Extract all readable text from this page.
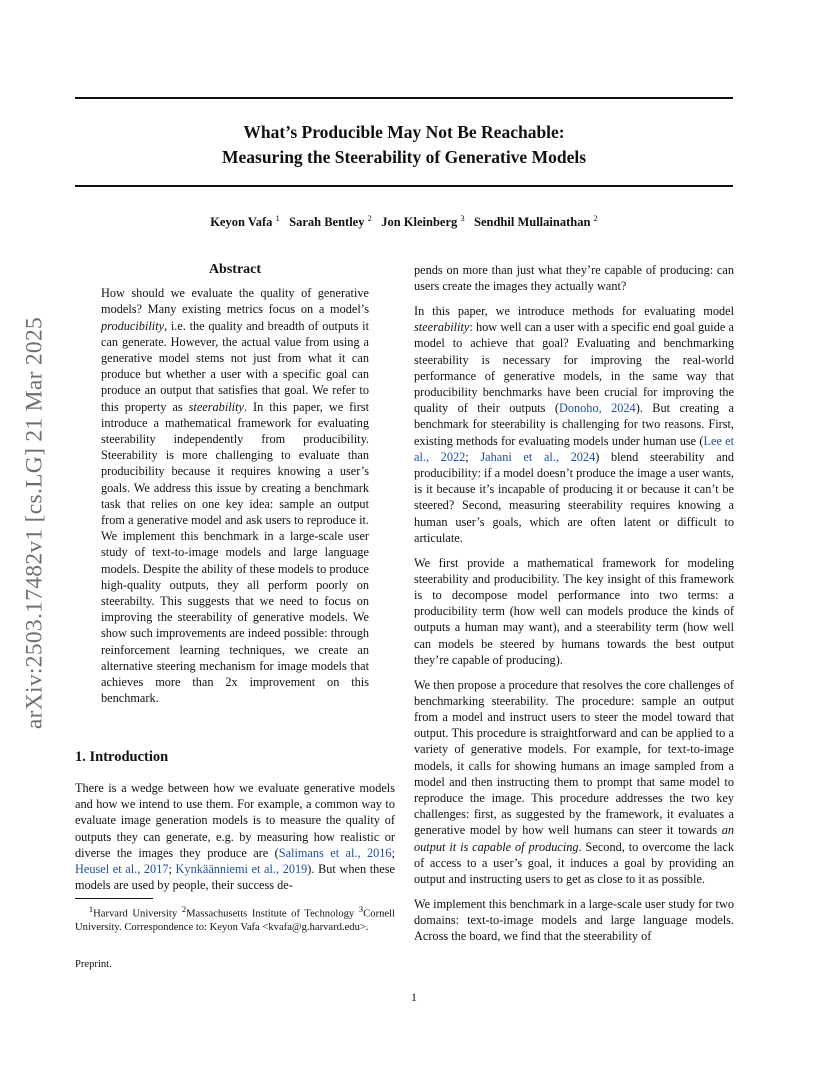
What’s Producible May Not Be Reachable:
Measuring the Steerability of Generative Models
Keyon Vafa $^1$ Sarah Bentley $^2$ Jon Kleinberg $^3$ Sendhil Mullainathan $^2$
arXiv:2503.17482v1 [cs.LG] 21 Mar 2025
Abstract
How should we evaluate the quality of generative models? Many existing metrics focus on a model’s producibility, i.e. the quality and breadth of outputs it can generate. However, the actual value from using a generative model stems not just from what it can produce but whether a user with a specific goal can produce an output that satisfies that goal. We refer to this property as steerability. In this paper, we first introduce a mathematical framework for evaluating steerability independently from producibility. Steerability is more challenging to evaluate than producibility because it requires knowing a user’s goals. We address this issue by creating a benchmark task that relies on one key idea: sample an output from a generative model and ask users to reproduce it. We implement this benchmark in a large-scale user study of text-to-image models and large language models. Despite the ability of these models to produce high-quality outputs, they all perform poorly on steerabilty. This suggests that we need to focus on improving the steerability of generative models. We show such improvements are indeed possible: through reinforcement learning techniques, we create an alternative steering mechanism for image models that achieves more than 2x improvement on this benchmark.
1. Introduction

There is a wedge between how we evaluate generative models and how we intend to use them. For example, a common way to evaluate image generation models is to measure the quality of outputs they can generate, e.g. by measuring how realistic or diverse the images they produce are (Salimans et al., 2016; Heusel et al., 2017; Kynkäänniemi et al., 2019). But when these models are used by people, their success de-

$^1$Harvard University $^2$Massachusetts Institute of Technology $^3$Cornell University. Correspondence to: Keyon Vafa <kvafa@g.harvard.edu>.
Preprint.

pends on more than just what they’re capable of producing: can users create the images they actually want?

In this paper, we introduce methods for evaluating model steerability: how well can a user with a specific end goal guide a model to achieve that goal? Evaluating and benchmarking steerability is necessary for improving the real-world performance of generative models, in the same way that producibility benchmarks have been crucial for improving the quality of their outputs (Donoho, 2024). But creating a benchmark for steerability is challenging for two reasons. First, existing methods for evaluating models under human use (Lee et al., 2022; Jahani et al., 2024) blend steerability and producibility: if a model doesn’t produce the image a user wants, is it because it’s incapable of producing it or because it can’t be steered? Second, measuring steerability requires knowing a human user’s goals, which are often latent or difficult to articulate.

We first provide a mathematical framework for modeling steerability and producibility. The key insight of this framework is to decompose model performance into two terms: a producibility term (how well can models produce the kinds of outputs a human may want), and a steerability term (how well can models be steered by humans towards the best output they’re capable of producing).

We then propose a procedure that resolves the core challenges of benchmarking steerability. The procedure: sample an output from a model and instruct users to steer the model toward that output. This procedure is straightforward and can be applied to a variety of generative models. For example, for text-to-image models, it calls for showing humans an image sampled from a model and then instructing them to prompt that same model to reproduce the image. This procedure addresses the two key challenges: first, as suggested by the framework, it evaluates a generative model by how well humans can steer it towards an output it is capable of producing. Second, to overcome the lack of access to a user’s goal, it induces a goal by providing an output and instructing users to get as close to it as possible.

We implement this benchmark in a large-scale user study for two domains: text-to-image models and large language models. Across the board, we find that the steerability of

1
